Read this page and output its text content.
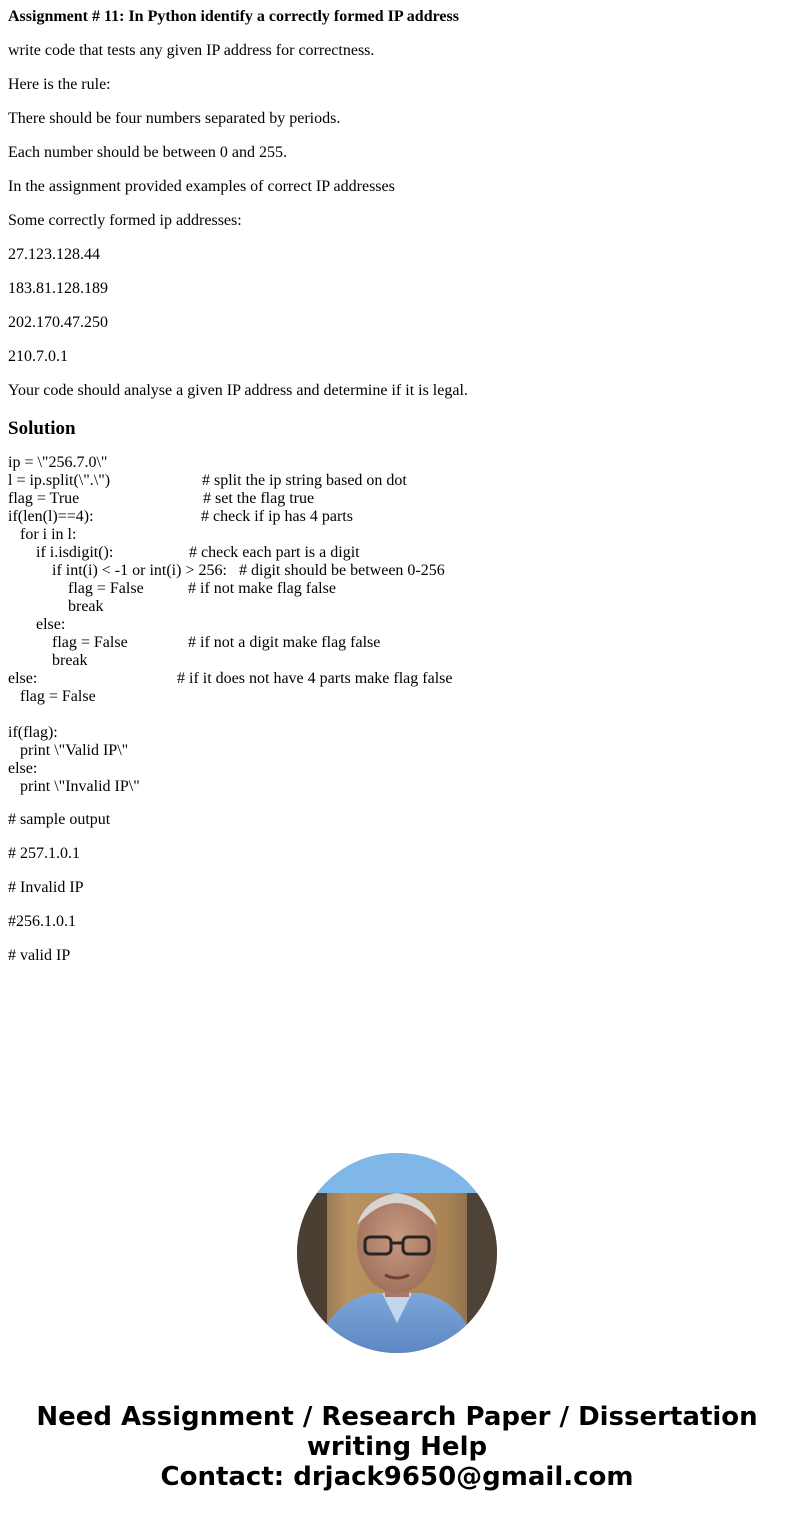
Assignment # 11: In Python identify a correctly formed IP address
write code that tests any given IP address for correctness.
Here is the rule:
There should be four numbers separated by periods.
Each number should be between 0 and 255.
In the assignment provided examples of correct IP addresses
Some correctly formed ip addresses:
27.123.128.44
183.81.128.189
202.170.47.250
210.7.0.1
Your code should analyse a given IP address and determine if it is legal.
Solution
ip = \"256.7.0\"
l = ip.split(\".\")	# split the ip string based on dot
flag = True	# set the flag true
if(len(l)==4):	# check if ip has 4 parts
for i in l:
if i.isdigit():	# check each part is a digit
if int(i) < -1 or int(i) > 256: # digit should be between 0-256
flag = False	# if not make flag false
break
else:
flag = False	# if not a digit make flag false
break
else:	# if it does not have 4 parts make flag false
flag = False
if(flag):
print \"Valid IP\"
else:
print \"Invalid IP\"
# sample output
# 257.1.0.1
# Invalid IP
#256.1.0.1
# valid IP
Need Assignment / Research Paper / Dissertation
writing Help
Contact: drjack9650@gmail.com
